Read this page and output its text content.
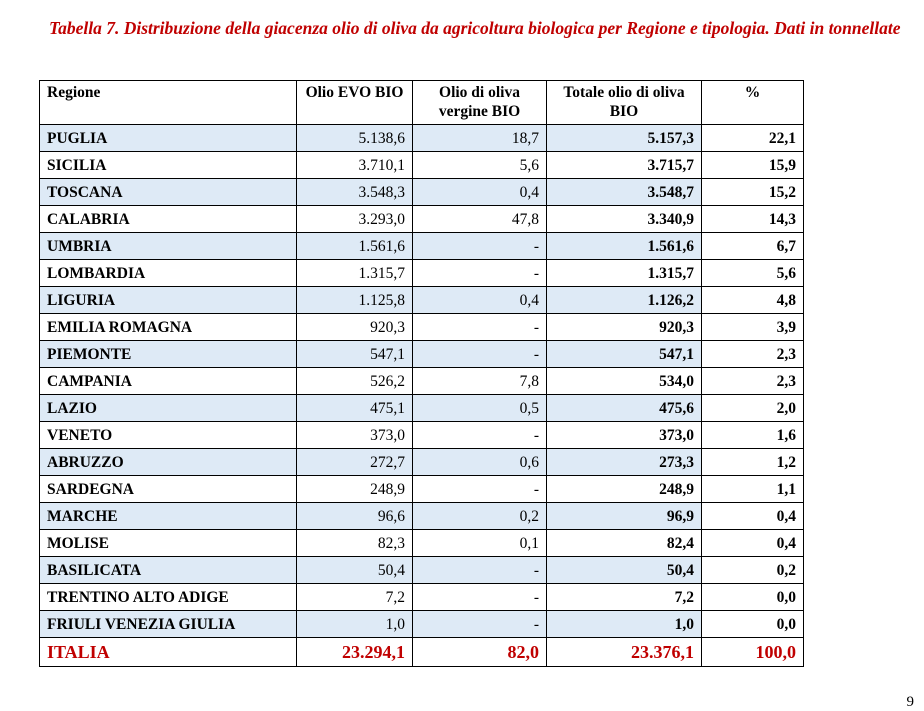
Tabella 7. Distribuzione della giacenza olio di oliva da agricoltura biologica per Regione e tipologia. Dati in tonnellate
Regione	Olio EVO BIO	Olio di oliva vergine BIO	Totale olio di oliva BIO	%
PUGLIA	5.138,6	18,7	5.157,3	22,1
SICILIA	3.710,1	5,6	3.715,7	15,9
TOSCANA	3.548,3	0,4	3.548,7	15,2
CALABRIA	3.293,0	47,8	3.340,9	14,3
UMBRIA	1.561,6	-	1.561,6	6,7
LOMBARDIA	1.315,7	-	1.315,7	5,6
LIGURIA	1.125,8	0,4	1.126,2	4,8
EMILIA ROMAGNA	920,3	-	920,3	3,9
PIEMONTE	547,1	-	547,1	2,3
CAMPANIA	526,2	7,8	534,0	2,3
LAZIO	475,1	0,5	475,6	2,0
VENETO	373,0	-	373,0	1,6
ABRUZZO	272,7	0,6	273,3	1,2
SARDEGNA	248,9	-	248,9	1,1
MARCHE	96,6	0,2	96,9	0,4
MOLISE	82,3	0,1	82,4	0,4
BASILICATA	50,4	-	50,4	0,2
TRENTINO ALTO ADIGE	7,2	-	7,2	0,0
FRIULI VENEZIA GIULIA	1,0	-	1,0	0,0
ITALIA	23.294,1	82,0	23.376,1	100,0
9
